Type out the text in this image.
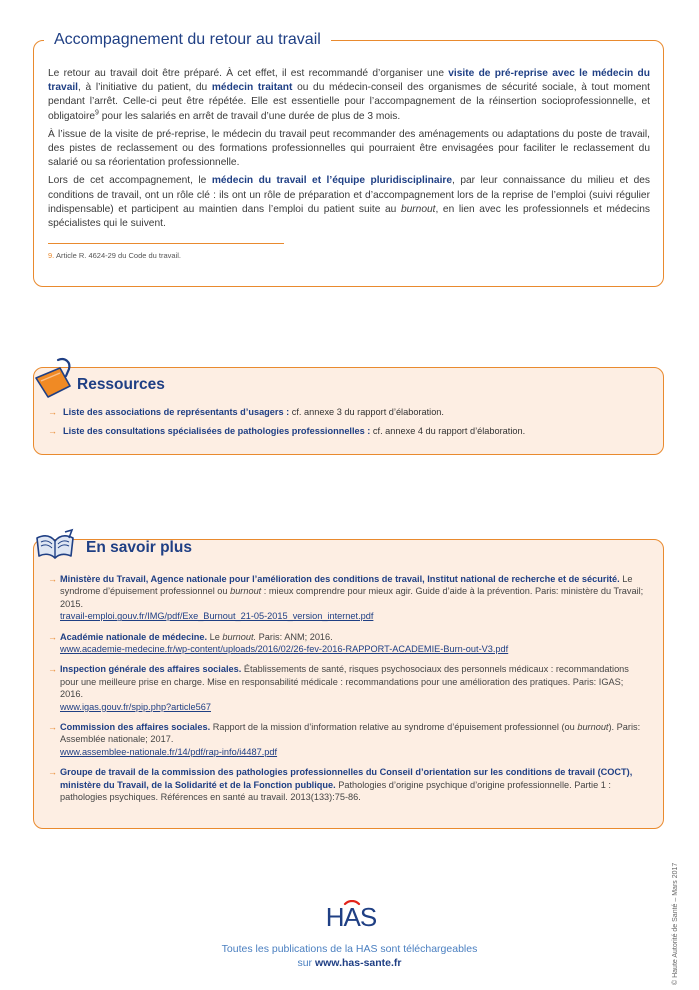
Accompagnement du retour au travail

Le retour au travail doit être préparé. À cet effet, il est recommandé d’organiser une visite de pré-reprise avec le médecin du travail, à l’initiative du patient, du médecin traitant ou du médecin-conseil des organismes de sécurité sociale, à tout moment pendant l’arrêt. Celle-ci peut être répétée. Elle est essentielle pour l’accompagnement de la réinsertion socioprofessionnelle, et obligatoire$^9$ pour les salariés en arrêt de travail d’une durée de plus de 3 mois.

À l’issue de la visite de pré-reprise, le médecin du travail peut recommander des aménagements ou adaptations du poste de travail, des pistes de reclassement ou des formations professionnelles qui pourraient être envisagées pour faciliter le reclassement du salarié ou sa réorientation professionnelle.

Lors de cet accompagnement, le médecin du travail et l’équipe pluridisciplinaire, par leur connaissance du milieu et des conditions de travail, ont un rôle clé : ils ont un rôle de préparation et d’accompagnement lors de la reprise de l’emploi (suivi régulier indispensable) et participent au maintien dans l’emploi du patient suite au burnout, en lien avec les professionnels et médecins spécialistes qui le suivent.

9. Article R. 4624-29 du Code du travail.
Ressources
→ Liste des associations de représentants d’usagers : cf. annexe 3 du rapport d’élaboration.
→ Liste des consultations spécialisées de pathologies professionnelles : cf. annexe 4 du rapport d’élaboration.
En savoir plus
→ Ministère du Travail, Agence nationale pour l’amélioration des conditions de travail, Institut national de recherche et de sécurité. Le syndrome d’épuisement professionnel ou burnout : mieux comprendre pour mieux agir. Guide d’aide à la prévention. Paris: ministère du Travail; 2015.
travail-emploi.gouv.fr/IMG/pdf/Exe_Burnout_21-05-2015_version_internet.pdf
→ Académie nationale de médecine. Le burnout. Paris: ANM; 2016.
www.academie-medecine.fr/wp-content/uploads/2016/02/26-fev-2016-RAPPORT-ACADEMIE-Burn-out-V3.pdf
→ Inspection générale des affaires sociales. Établissements de santé, risques psychosociaux des personnels médicaux : recommandations pour une meilleure prise en charge. Mise en responsabilité médicale : recommandations pour une amélioration des pratiques. Paris: IGAS; 2016.
www.igas.gouv.fr/spip.php?article567
→ Commission des affaires sociales. Rapport de la mission d’information relative au syndrome d’épuisement professionnel (ou burnout). Paris: Assemblée nationale; 2017.
www.assemblee-nationale.fr/14/pdf/rap-info/i4487.pdf
→ Groupe de travail de la commission des pathologies professionnelles du Conseil d’orientation sur les conditions de travail (COCT), ministère du Travail, de la Solidarité et de la Fonction publique. Pathologies d’origine psychique d’origine professionnelle. Partie 1 : pathologies psychiques. Références en santé au travail. 2013(133):75-86.
© Haute Autorité de Santé – Mars 2017
HAS
Toutes les publications de la HAS sont téléchargeables
sur www.has-sante.fr
